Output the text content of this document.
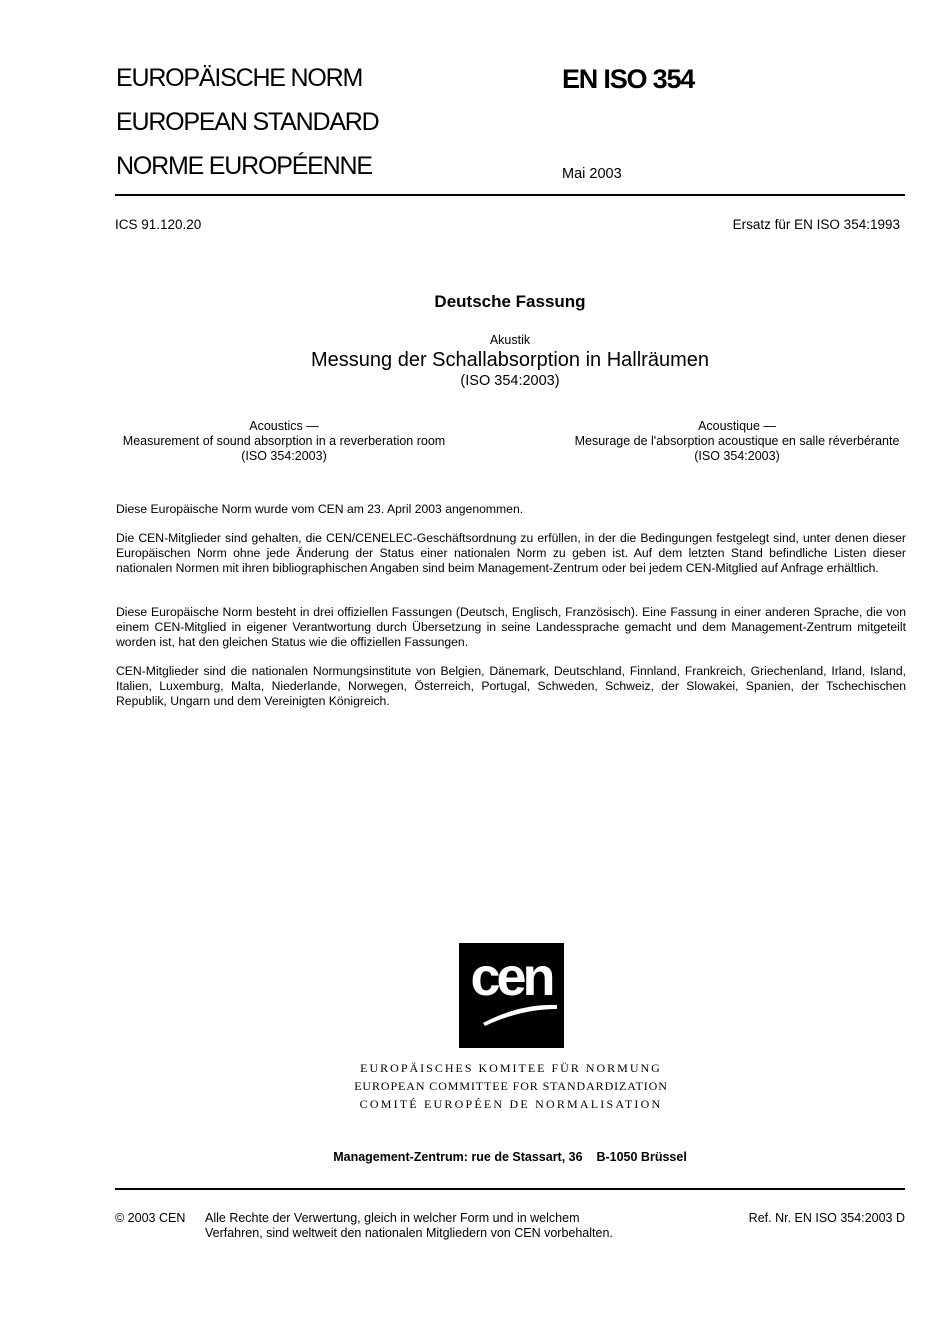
EUROPÄISCHE NORM
EUROPEAN STANDARD
NORME EUROPÉENNE
EN ISO 354
Mai 2003
ICS 91.120.20	Ersatz für EN ISO 354:1993
Deutsche Fassung
Akustik
Messung der Schallabsorption in Hallräumen
(ISO 354:2003)
Acoustics —
Measurement of sound absorption in a reverberation room
(ISO 354:2003)
Acoustique —
Mesurage de l'absorption acoustique en salle réverbérante
(ISO 354:2003)
Diese Europäische Norm wurde vom CEN am 23. April 2003 angenommen.
Die CEN-Mitglieder sind gehalten, die CEN/CENELEC-Geschäftsordnung zu erfüllen, in der die Bedingungen festgelegt sind, unter denen dieser Europäischen Norm ohne jede Änderung der Status einer nationalen Norm zu geben ist. Auf dem letzten Stand befindliche Listen dieser nationalen Normen mit ihren bibliographischen Angaben sind beim Management-Zentrum oder bei jedem CEN-Mitglied auf Anfrage erhältlich.
Diese Europäische Norm besteht in drei offiziellen Fassungen (Deutsch, Englisch, Französisch). Eine Fassung in einer anderen Sprache, die von einem CEN-Mitglied in eigener Verantwortung durch Übersetzung in seine Landessprache gemacht und dem Management-Zentrum mitgeteilt worden ist, hat den gleichen Status wie die offiziellen Fassungen.
CEN-Mitglieder sind die nationalen Normungsinstitute von Belgien, Dänemark, Deutschland, Finnland, Frankreich, Griechenland, Irland, Island, Italien, Luxemburg, Malta, Niederlande, Norwegen, Österreich, Portugal, Schweden, Schweiz, der Slowakei, Spanien, der Tschechischen Republik, Ungarn und dem Vereinigten Königreich.
cen
EUROPÄISCHES KOMITEE FÜR NORMUNG
EUROPEAN COMMITTEE FOR STANDARDIZATION
COMITÉ EUROPÉEN DE NORMALISATION
Management-Zentrum: rue de Stassart, 36    B-1050 Brüssel
© 2003 CEN Alle Rechte der Verwertung, gleich in welcher Form und in welchem
Verfahren, sind weltweit den nationalen Mitgliedern von CEN vorbehalten.
Ref. Nr. EN ISO 354:2003 D
